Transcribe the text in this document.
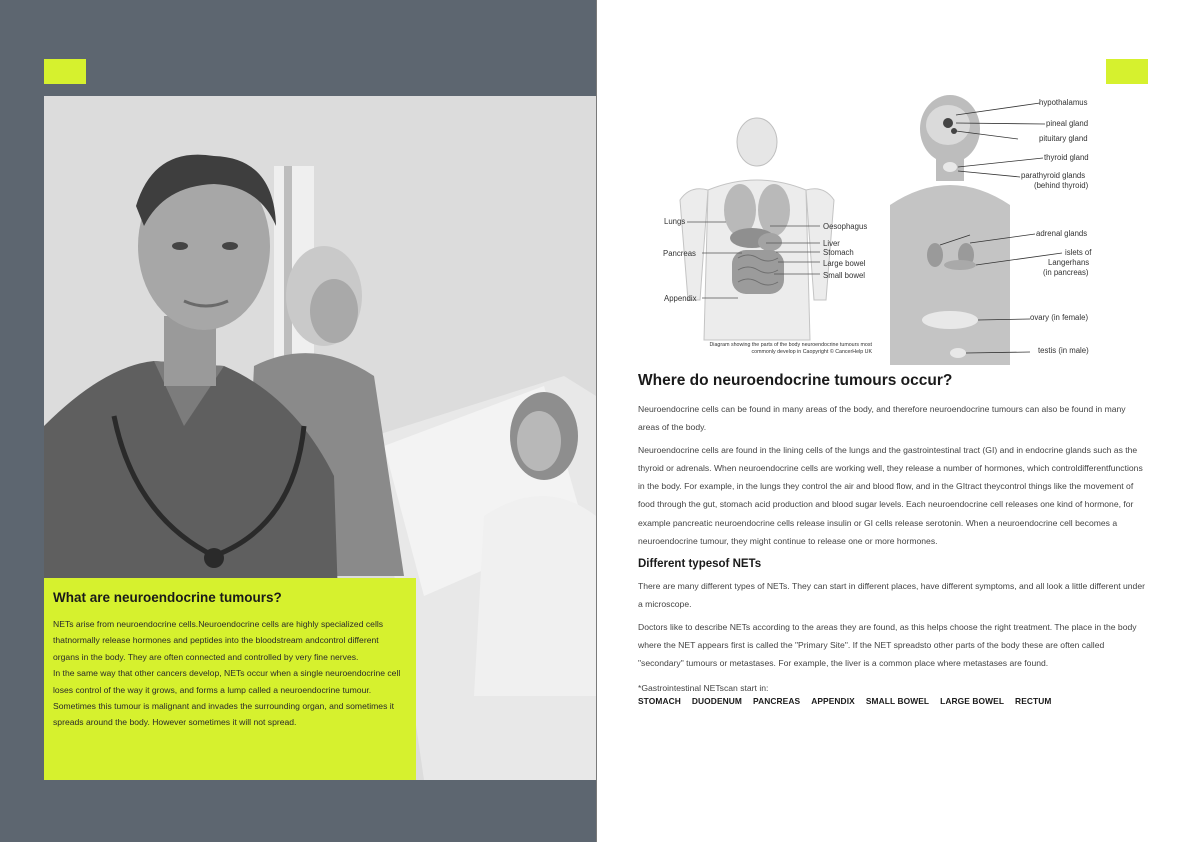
What are neuroendocrine tumours?

NETs arise from neuroendocrine cells.Neuroendocrine cells are highly specialized cells thatnormally release hormones and peptides into the bloodstream andcontrol different organs in the body. They are often connected and controlled by very fine nerves.

In the same way that other cancers develop, NETs occur when a single neuroendocrine cell loses control of the way it grows, and forms a lump called a neuroendocrine tumour. Sometimes this tumour is malignant and invades the surrounding organ, and sometimes it spreads around the body. However sometimes it will not spread.

Lungs
Pancreas
Appendix
Oesophagus
Liver
Stomach
Large bowel
Small bowel
Diagram showing the parts of the body neuroendocrine tumours most commonly develop in Caopyright © CancerHelp UK
hypothalamus
pineal gland
pituitary gland
thyroid gland
parathyroid glands
(behind thyroid)
adrenal glands
islets of
Langerhans
(in pancreas)
ovary (in female)
testis (in male)
Where do neuroendocrine tumours occur?

Neuroendocrine cells can be found in many areas of the body, and therefore neuroendocrine tumours can also be found in many areas of the body.

Neuroendocrine cells are found in the lining cells of the lungs and the gastrointestinal tract (GI) and in endocrine glands such as the thyroid or adrenals. When neuroendocrine cells are working well, they release a number of hormones, which controldifferentfunctions in the body. For example, in the lungs they control the air and blood flow, and in the GItract theycontrol things like the movement of food through the gut, stomach acid production and blood sugar levels. Each neuroendocrine cell releases one kind of hormone, for example pancreatic neuroendocrine cells release insulin or GI cells release serotonin. When a neuroendocrine cell becomes a neuroendocrine tumour, they might continue to release one or more hormones.

Different typesof NETs

There are many different types of NETs. They can start in different places, have different symptoms, and all look a little different under a microscope.

Doctors like to describe NETs according to the areas they are found, as this helps choose the right treatment. The place in the body where the NET appears first is called the "Primary Site". If the NET spreadsto other parts of the body these are often called "secondary" tumours or metastases. For example, the liver is a common place where metastases are found.

*Gastrointestinal NETscan start in:
STOMACH DUODENUM PANCREAS APPENDIX SMALL BOWEL LARGE BOWEL RECTUM
